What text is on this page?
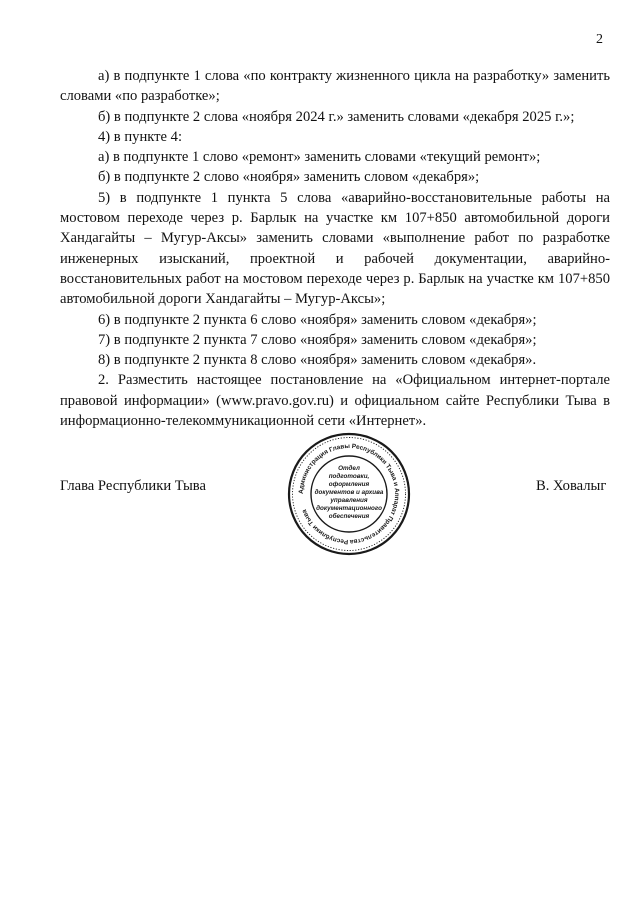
2

а) в подпункте 1 слова «по контракту жизненного цикла на разработку» заменить словами «по разработке»;

б) в подпункте 2 слова «ноября 2024 г.» заменить словами «декабря 2025 г.»;

4) в пункте 4:

а) в подпункте 1 слово «ремонт» заменить словами «текущий ремонт»;

б) в подпункте 2 слово «ноября» заменить словом «декабря»;

5) в подпункте 1 пункта 5 слова «аварийно-восстановительные работы на мостовом переходе через р. Барлык на участке км 107+850 автомобильной дороги Хандагайты – Мугур-Аксы» заменить словами «выполнение работ по разработке инженерных изысканий, проектной и рабочей документации, аварийно-восстановительных работ на мостовом переходе через р. Барлык на участке км 107+850 автомобильной дороги Хандагайты – Мугур-Аксы»;

6) в подпункте 2 пункта 6 слово «ноября» заменить словом «декабря»;

7) в подпункте 2 пункта 7 слово «ноября» заменить словом «декабря»;

8) в подпункте 2 пункта 8 слово «ноября» заменить словом «декабря».

2. Разместить настоящее постановление на «Официальном интернет-портале правовой информации» (www.pravo.gov.ru) и официальном сайте Республики Тыва в информационно-телекоммуникационной сети «Интернет».

Глава Республики Тыва	Администрация Главы Республики Тыва и Аппарат Правительства Республики Тыва
Отдел
подготовки,
оформления
документов и архива
управления
документационного
обеспечения
В. Ховалыг
